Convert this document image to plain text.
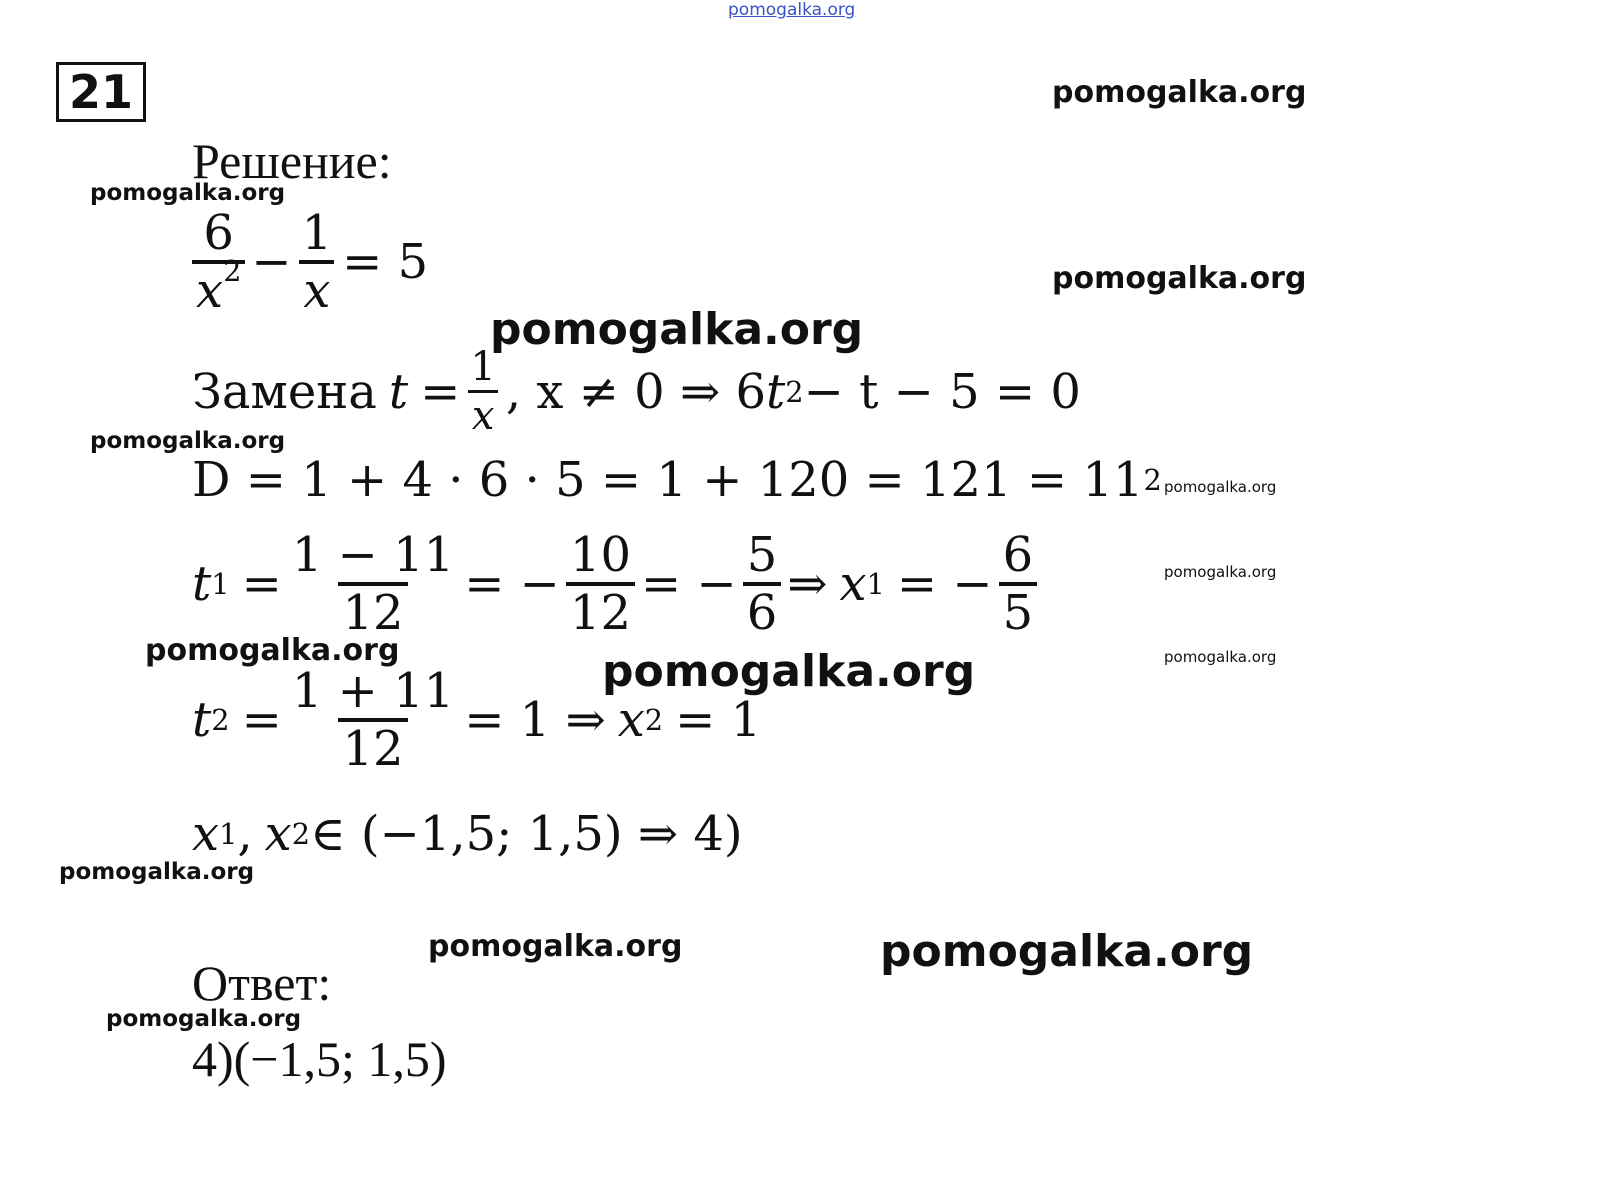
pomogalka.org
pomogalka.org
pomogalka.org
pomogalka.org
pomogalka.org
pomogalka.org
pomogalka.org
pomogalka.org
pomogalka.org	pomogalka.org
pomogalka.org
pomogalka.org
pomogalka.org	pomogalka.org
pomogalka.org
21
Решение:
$\frac{6}{x^2} - \frac{1}{x} = 5$
Замена $t = \frac{1}{x}$ , x ≠ 0 ⇒ 6 t 2 − t − 5 = 0
D = 1 + 4 · 6 · 5 = 1 + 120 = 121 = 11 2
t $1 = \frac{1 - 11}{12}$ = − $\frac{10}{12}$ = − $\frac{5}{6}$ ⇒ x 1 = − $\frac{6}{5}$
t $2 = \frac{1 + 11}{12} = 1$ ⇒ x 2 = 1
x 1 , x 2 ∈ (−1,5; 1,5) ⇒ 4)
Ответ:
4)(−1,5; 1,5)
